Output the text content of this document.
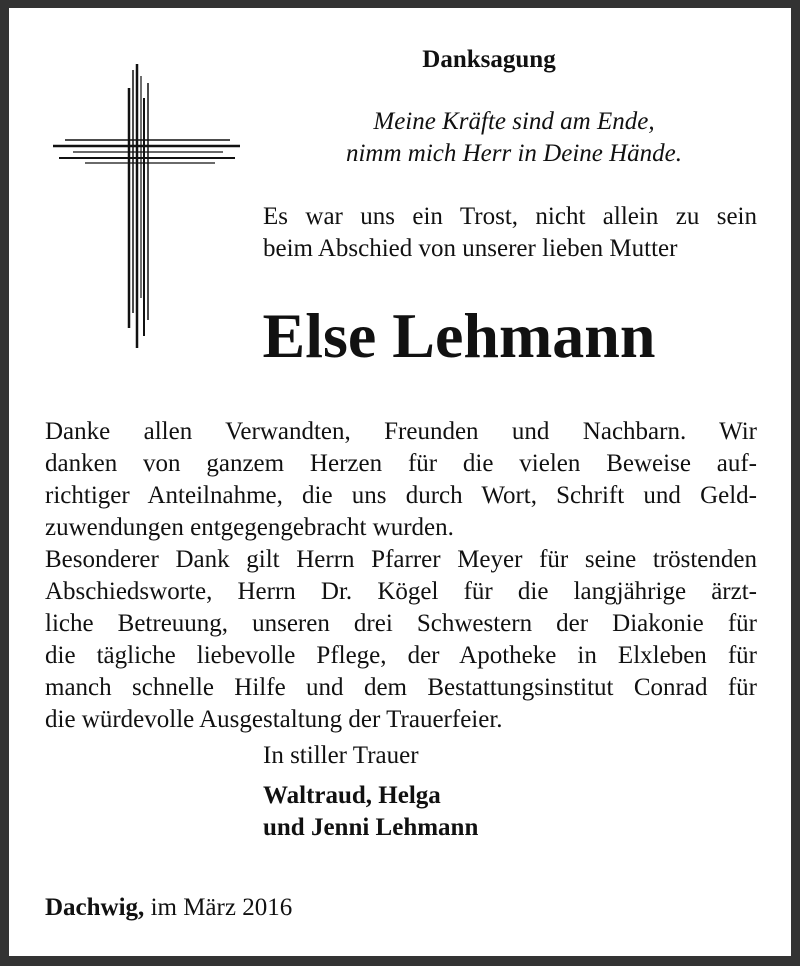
Danksagung
Meine Kräfte sind am Ende,
nimm mich Herr in Deine Hände.
Es war uns ein Trost, nicht allein zu sein
beim Abschied von unserer lieben Mutter
Else Lehmann
Danke allen Verwandten, Freunden und Nachbarn. Wir
danken von ganzem Herzen für die vielen Beweise auf-
richtiger Anteilnahme, die uns durch Wort, Schrift und Geld-
zuwendungen entgegengebracht wurden.
Besonderer Dank gilt Herrn Pfarrer Meyer für seine tröstenden
Abschiedsworte, Herrn Dr. Kögel für die langjährige ärzt-
liche Betreuung, unseren drei Schwestern der Diakonie für
die tägliche liebevolle Pflege, der Apotheke in Elxleben für
manch schnelle Hilfe und dem Bestattungsinstitut Conrad für
die würdevolle Ausgestaltung der Trauerfeier.
In stiller Trauer
Waltraud, Helga
und Jenni Lehmann
Dachwig, im März 2016
